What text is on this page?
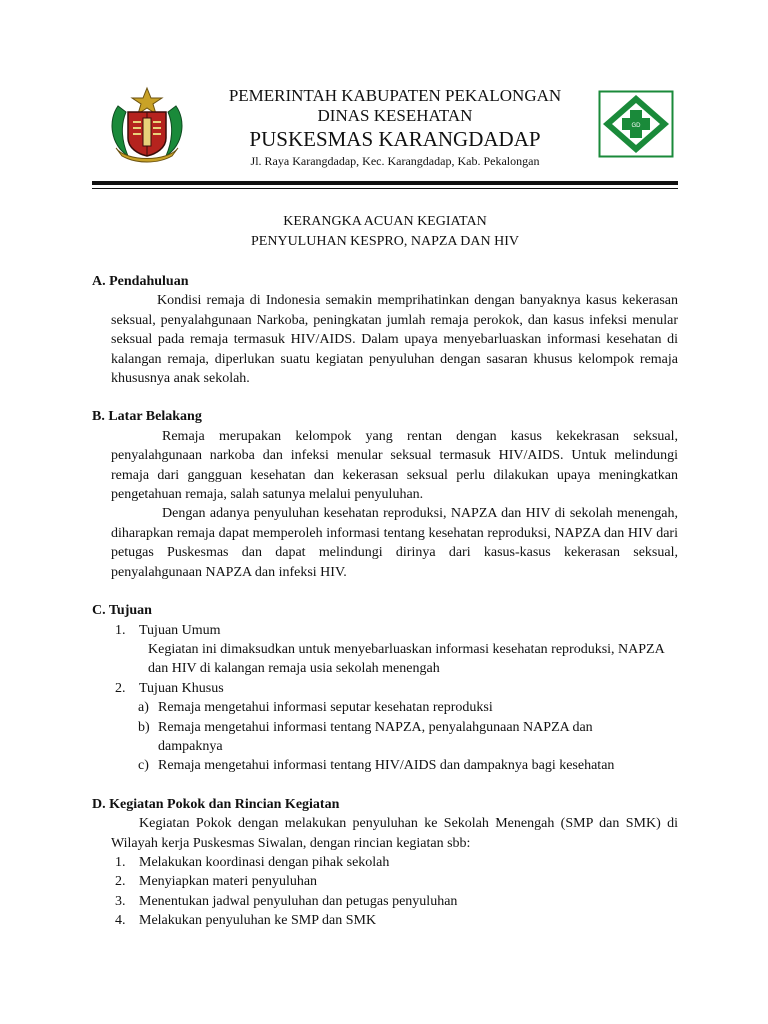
PEMERINTAH KABUPATEN PEKALONGAN
DINAS KESEHATAN
PUSKESMAS KARANGDADAP
Jl. Raya Karangdadap, Kec. Karangdadap, Kab. Pekalongan
GD
KERANGKA ACUAN KEGIATAN
PENYULUHAN KESPRO, NAPZA DAN HIV
A. Pendahuluan
Kondisi remaja di Indonesia semakin memprihatinkan dengan banyaknya kasus kekerasan seksual, penyalahgunaan Narkoba, peningkatan jumlah remaja perokok, dan kasus infeksi menular seksual pada remaja termasuk HIV/AIDS. Dalam upaya menyebarluaskan informasi kesehatan di kalangan remaja, diperlukan suatu kegiatan penyuluhan dengan sasaran khusus kelompok remaja khususnya anak sekolah.
B. Latar Belakang
Remaja merupakan kelompok yang rentan dengan kasus kekekrasan seksual, penyalahgunaan narkoba dan infeksi menular seksual termasuk HIV/AIDS. Untuk melindungi remaja dari gangguan kesehatan dan kekerasan seksual perlu dilakukan upaya meningkatkan pengetahuan remaja, salah satunya melalui penyuluhan.
Dengan adanya penyuluhan kesehatan reproduksi, NAPZA dan HIV di sekolah menengah, diharapkan remaja dapat memperoleh informasi tentang kesehatan reproduksi, NAPZA dan HIV dari petugas Puskesmas dan dapat melindungi dirinya dari kasus-kasus kekerasan seksual, penyalahgunaan NAPZA dan infeksi HIV.
C. Tujuan
1. Tujuan Umum
Kegiatan ini dimaksudkan untuk menyebarluaskan informasi kesehatan reproduksi, NAPZA dan HIV di kalangan remaja usia sekolah menengah
2. Tujuan Khusus
a) Remaja mengetahui informasi seputar kesehatan reproduksi
b) Remaja mengetahui informasi tentang NAPZA, penyalahgunaan NAPZA dan dampaknya
c) Remaja mengetahui informasi tentang HIV/AIDS dan dampaknya bagi kesehatan
D. Kegiatan Pokok dan Rincian Kegiatan
Kegiatan Pokok dengan melakukan penyuluhan ke Sekolah Menengah (SMP dan SMK) di Wilayah kerja Puskesmas Siwalan, dengan rincian kegiatan sbb:
1. Melakukan koordinasi dengan pihak sekolah
2. Menyiapkan materi penyuluhan
3. Menentukan jadwal penyuluhan dan petugas penyuluhan
4. Melakukan penyuluhan ke SMP dan SMK
